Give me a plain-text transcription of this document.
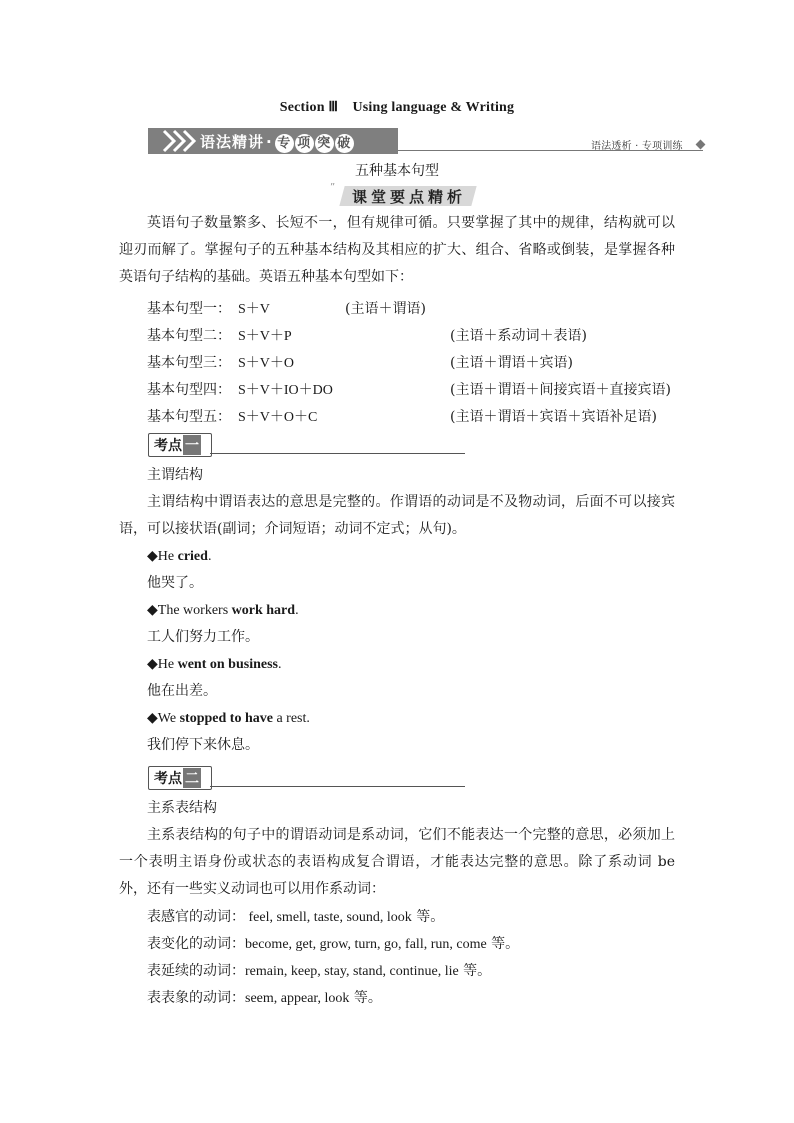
Section Ⅲ　Using language & Writing
语法精讲 · 专 项 突 破	语法透析 · 专项训练
五种基本句型
”
课堂要点精析
英语句子数量繁多、长短不一，但有规律可循。只要掌握了其中的规律，结构就可以迎刃而解了。掌握句子的五种基本结构及其相应的扩大、组合、省略或倒装，是掌握各种英语句子结构的基础。英语五种基本句型如下：
基本句型一： S＋V	(主语＋谓语)
基本句型二： S＋V＋P	(主语＋系动词＋表语)
基本句型三： S＋V＋O	(主语＋谓语＋宾语)
基本句型四： S＋V＋IO＋DO	(主语＋谓语＋间接宾语＋直接宾语)
基本句型五： S＋V＋O＋C	(主语＋谓语＋宾语＋宾语补足语)
考点 一
主谓结构
主谓结构中谓语表达的意思是完整的。作谓语的动词是不及物动词，后面不可以接宾语，可以接状语(副词；介词短语；动词不定式；从句)。
◆He cried.
他哭了。
◆The workers work hard.
工人们努力工作。
◆He went on business.
他在出差。
◆We stopped to have a rest.
我们停下来休息。
考点 二
主系表结构
主系表结构的句子中的谓语动词是系动词，它们不能表达一个完整的意思，必须加上一个表明主语身份或状态的表语构成复合谓语，才能表达完整的意思。除了系动词 be 外，还有一些实义动词也可以用作系动词：
表感官的动词： feel, smell, taste, sound, look 等。
表变化的动词：become, get, grow, turn, go, fall, run, come 等。
表延续的动词：remain, keep, stay, stand, continue, lie 等。
表表象的动词：seem, appear, look 等。
